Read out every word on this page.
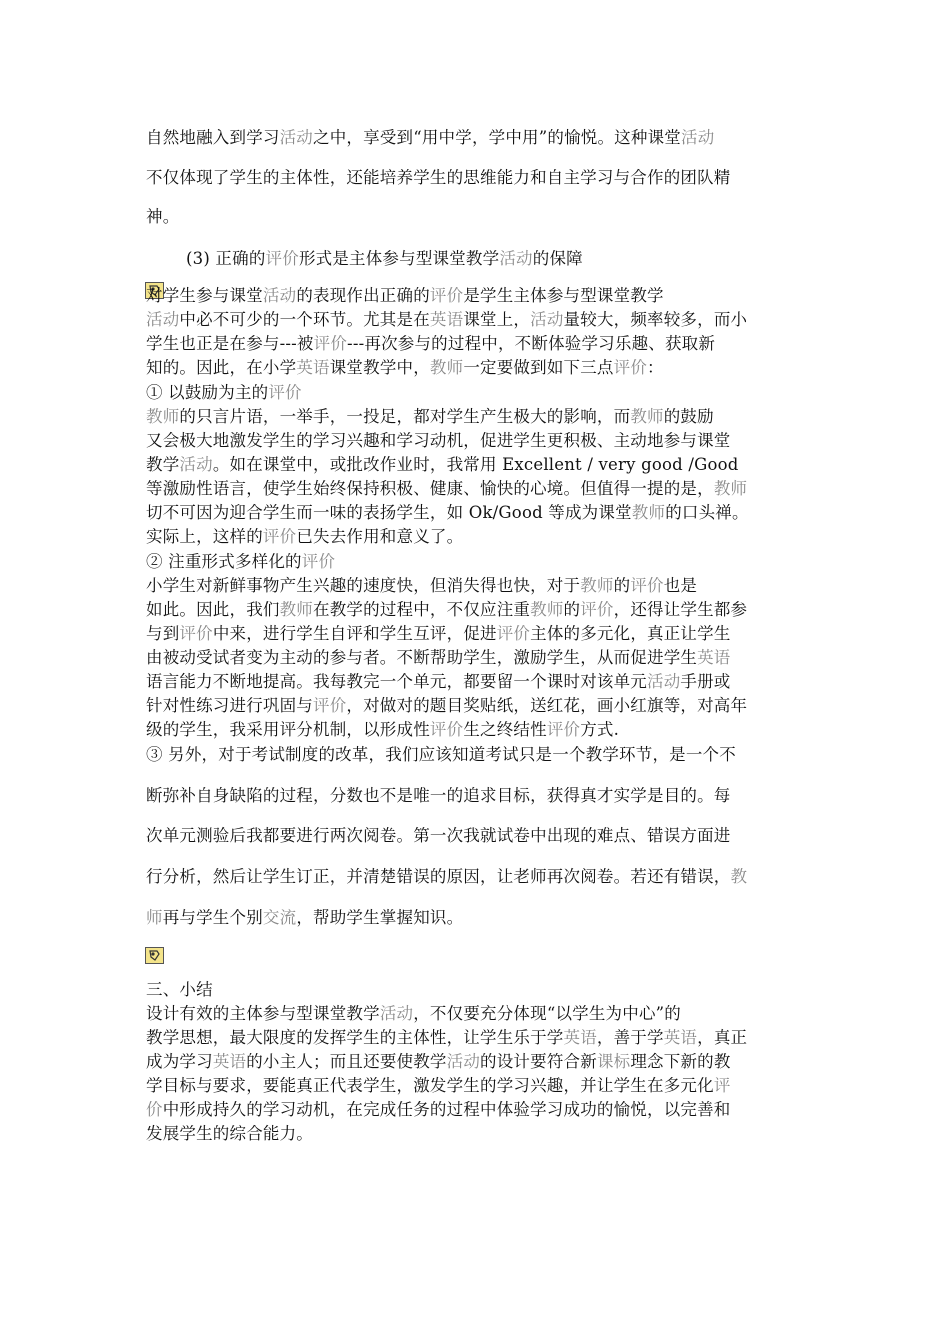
自然地融入到学习活动之中，享受到“用中学，学中用”的愉悦。这种课堂活动
不仅体现了学生的主体性，还能培养学生的思维能力和自主学习与合作的团队精
神。
(3) 正确的评价形式是主体参与型课堂教学活动的保障
对学生参与课堂活动的表现作出正确的评价是学生主体参与型课堂教学
活动中必不可少的一个环节。尤其是在英语课堂上，活动量较大，频率较多，而小
学生也正是在参与---被评价---再次参与的过程中，不断体验学习乐趣、获取新
知的。因此，在小学英语课堂教学中，教师一定要做到如下三点评价：
① 以鼓励为主的评价
教师的只言片语，一举手，一投足，都对学生产生极大的影响，而教师的鼓励
又会极大地激发学生的学习兴趣和学习动机，促进学生更积极、主动地参与课堂
教学活动。如在课堂中，或批改作业时，我常用 Excellent / very good /Good
等激励性语言，使学生始终保持积极、健康、愉快的心境。但值得一提的是，教师
切不可因为迎合学生而一味的表扬学生，如 Ok/Good 等成为课堂教师的口头禅。
实际上，这样的评价已失去作用和意义了。
② 注重形式多样化的评价
小学生对新鲜事物产生兴趣的速度快，但消失得也快，对于教师的评价也是
如此。因此，我们教师在教学的过程中，不仅应注重教师的评价，还得让学生都参
与到评价中来，进行学生自评和学生互评，促进评价主体的多元化，真正让学生
由被动受试者变为主动的参与者。不断帮助学生，激励学生，从而促进学生英语
语言能力不断地提高。我每教完一个单元，都要留一个课时对该单元活动手册或
针对性练习进行巩固与评价，对做对的题目奖贴纸，送红花，画小红旗等，对高年
级的学生，我采用评分机制，以形成性评价生之终结性评价方式.
③ 另外，对于考试制度的改革，我们应该知道考试只是一个教学环节，是一个不
断弥补自身缺陷的过程，分数也不是唯一的追求目标，获得真才实学是目的。每
次单元测验后我都要进行两次阅卷。第一次我就试卷中出现的难点、错误方面进
行分析，然后让学生订正，并清楚错误的原因，让老师再次阅卷。若还有错误，教
师再与学生个别交流，帮助学生掌握知识。
三、小结
设计有效的主体参与型课堂教学活动，不仅要充分体现“以学生为中心”的
教学思想，最大限度的发挥学生的主体性，让学生乐于学英语，善于学英语，真正
成为学习英语的小主人；而且还要使教学活动的设计要符合新课标理念下新的教
学目标与要求，要能真正代表学生，激发学生的学习兴趣，并让学生在多元化评
价中形成持久的学习动机，在完成任务的过程中体验学习成功的愉悦，以完善和
发展学生的综合能力。
